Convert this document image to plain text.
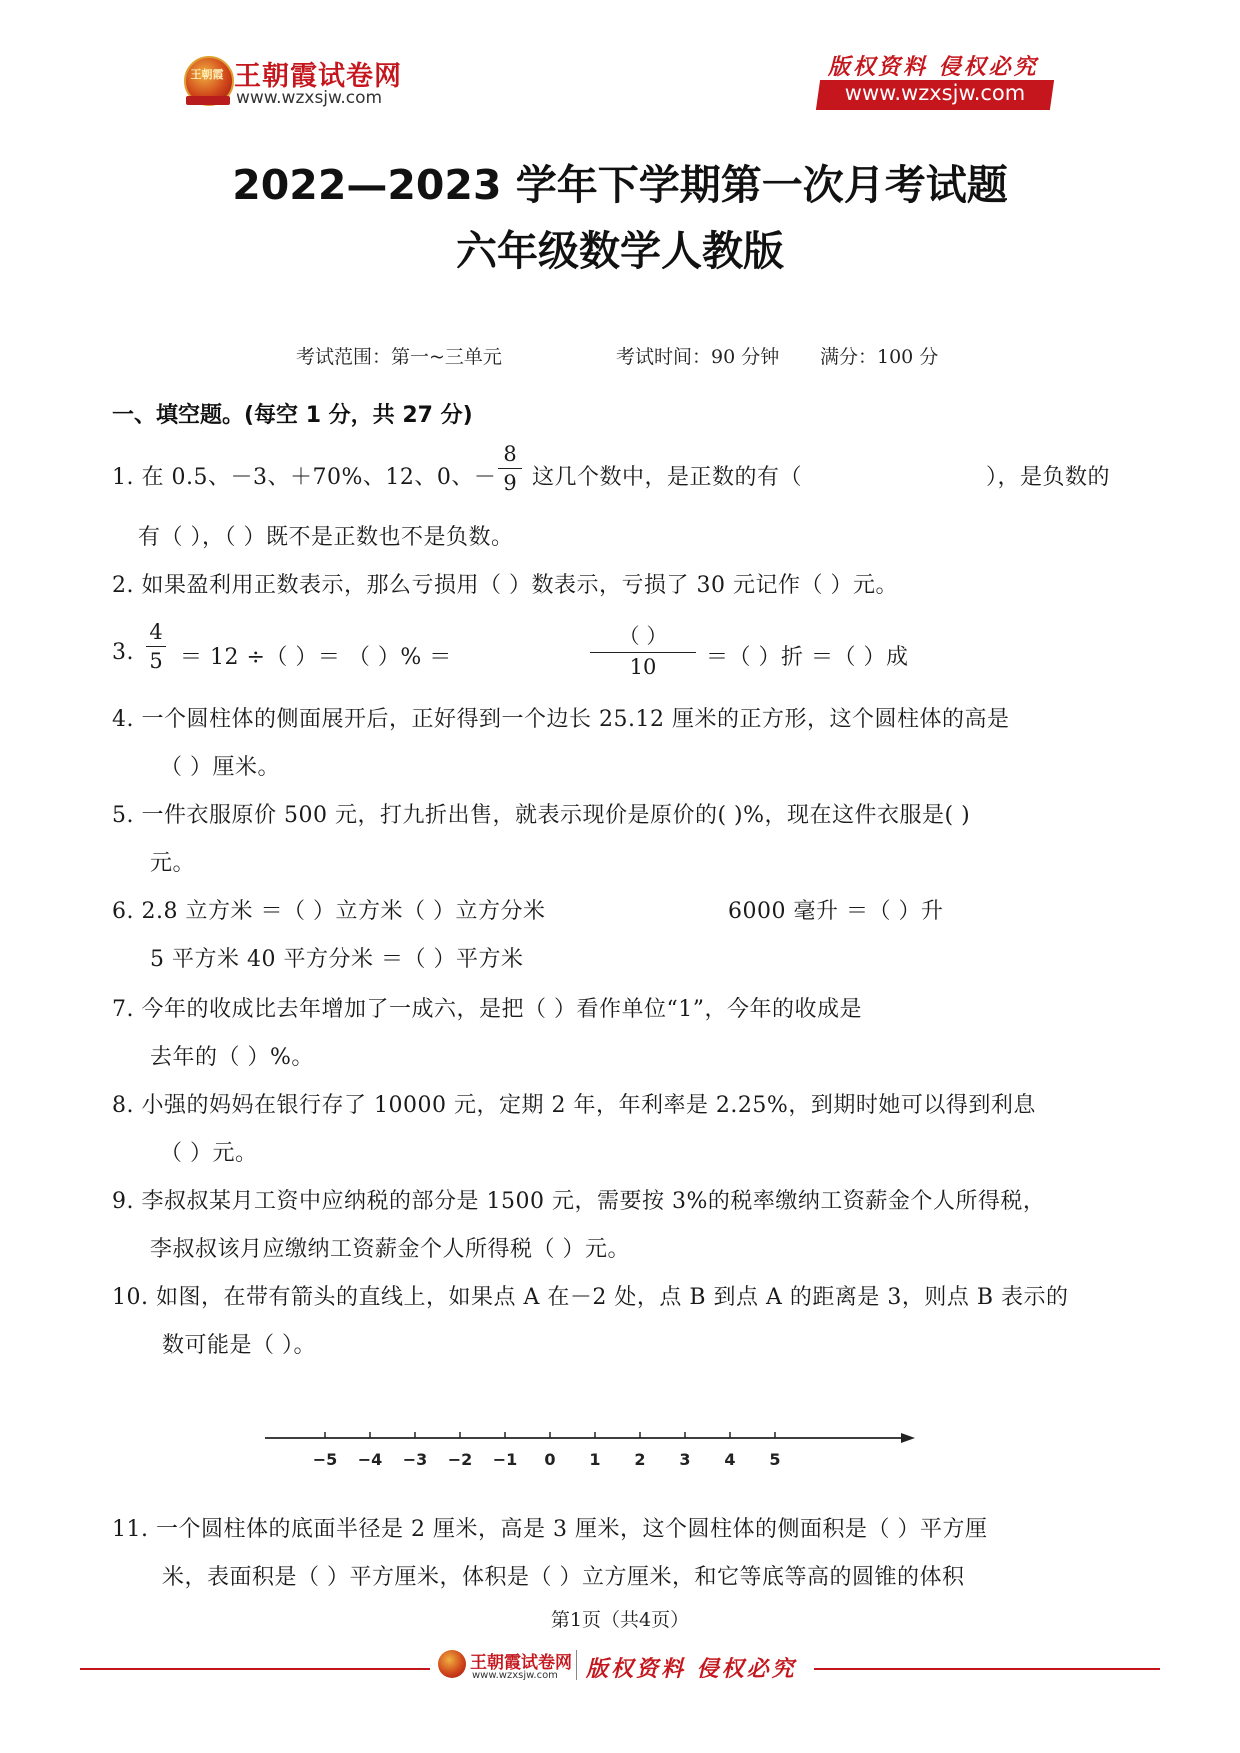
王朝霞 王朝霞试卷网
www.wzxsjw.com
版权资料 侵权必究
www.wzxsjw.com
2022—2023 学年下学期第一次月考试题
六年级数学人教版
考试范围：第一~三单元	考试时间：90 分钟 满分：100 分
一、填空题。(每空 1 分，共 27 分)
1. 在 0.5、－3、＋70%、12、0、－
8
9 这几个数中，是正数的有（	），是负数的
有（ ），（ ）既不是正数也不是负数。
2. 如果盈利用正数表示，那么亏损用（ ）数表示，亏损了 30 元记作（ ）元。
3.
4
5 ＝ 12 ÷（ ）＝ （ ）% ＝
（ ）
10	＝（ ）折 ＝（ ）成
4. 一个圆柱体的侧面展开后，正好得到一个边长 25.12 厘米的正方形，这个圆柱体的高是
（ ）厘米。
5. 一件衣服原价 500 元，打九折出售，就表示现价是原价的( )%，现在这件衣服是( )
元。
6. 2.8 立方米 ＝（ ）立方米（ ）立方分米	6000 毫升 ＝（ ）升
5 平方米 40 平方分米 ＝（ ）平方米
7. 今年的收成比去年增加了一成六，是把（ ）看作单位“1”，今年的收成是
去年的（ ）%。
8. 小强的妈妈在银行存了 10000 元，定期 2 年，年利率是 2.25%，到期时她可以得到利息
（ ）元。
9. 李叔叔某月工资中应纳税的部分是 1500 元，需要按 3%的税率缴纳工资薪金个人所得税，
李叔叔该月应缴纳工资薪金个人所得税（ ）元。
10. 如图，在带有箭头的直线上，如果点 A 在－2 处，点 B 到点 A 的距离是 3，则点 B 表示的
数可能是（ ）。
−5 −4 −3 −2 −1 0 1 2 3 4 5
11. 一个圆柱体的底面半径是 2 厘米，高是 3 厘米，这个圆柱体的侧面积是（ ）平方厘
米，表面积是（ ）平方厘米，体积是（ ）立方厘米，和它等底等高的圆锥的体积
第1页（共4页）
王朝霞试卷网
www.wzxsjw.com 版权资料 侵权必究
